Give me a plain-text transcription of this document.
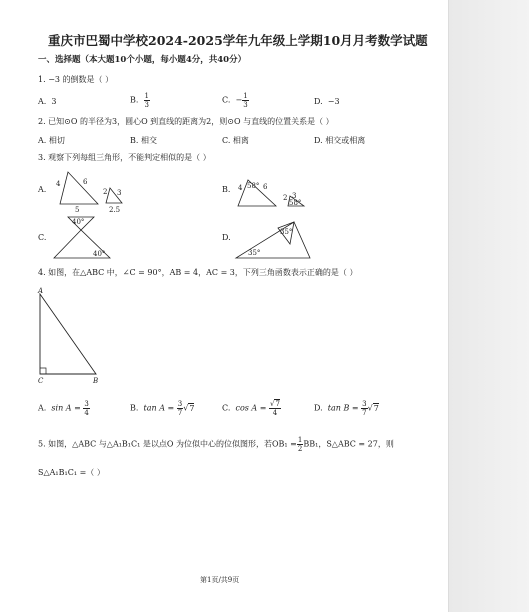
重庆市巴蜀中学校2024-2025学年九年级上学期10月月考数学试题
一、选择题（本大题10个小题，每小题4分，共40分）
1. −3 的倒数是（ ）
A. 3	B. $\frac{1}{3}$	C. − $\frac{1}{3}$	D. −3
2. 已知⊙O 的半径为3，圆心O 到直线的距离为2，则⊙O 与直线的位置关系是（ ）
A. 相切	B. 相交	C. 相离	D. 相交或相离
3. 观察下列每组三角形，不能判定相似的是（ ）
A.
4	6
5
2 3
2.5
B. 4 58° 6
2 3
58°
C.
40°
40°
D.
35°
35°
4. 如图，在△ABC 中，∠C = 90°，AB = 4，AC = 3，下列三角函数表示正确的是（ ）
A
C	B
A. $\sin A = \frac{3}{4}$	B. $\tan A = \frac{3}{7} √7$	C. $\cos A = \frac{√7}{4}$	D. $\tan B = \frac{3}{7} √7$
5. 如图，△ABC 与△A₁B₁C₁ 是以点O 为位似中心的位似图形，若$OB_1 = \frac{1}{2} BB_1$，S△ABC = 27，则
S△A₁B₁C₁ =（ ）
第1页/共9页
